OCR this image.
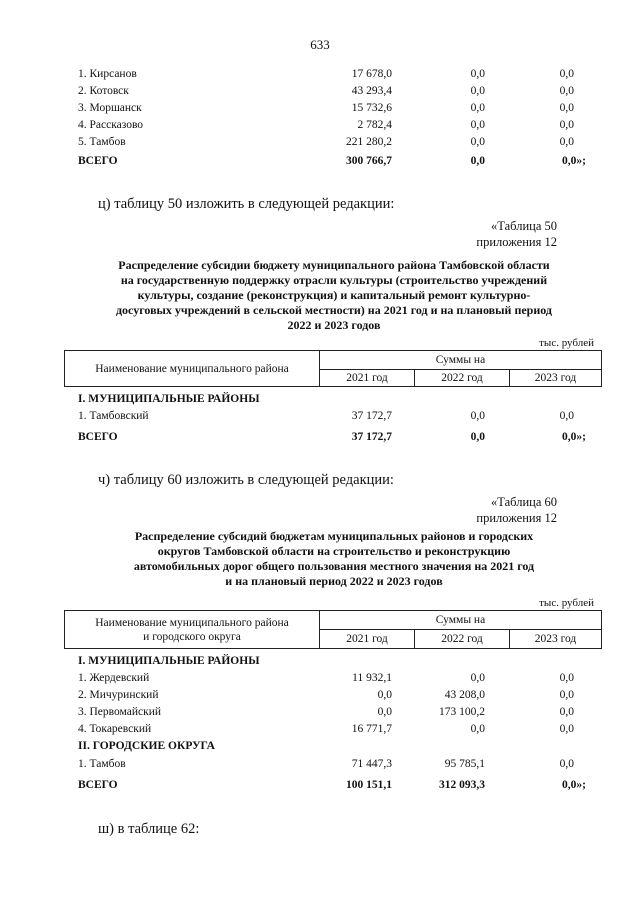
633
1. Кирсанов	17 678,0	0,0	0,0
2. Котовск	43 293,4	0,0	0,0
3. Моршанск	15 732,6	0,0	0,0
4. Рассказово	2 782,4	0,0	0,0
5. Тамбов	221 280,2	0,0	0,0
ВСЕГО	300 766,7	0,0	0,0»;
ц) таблицу 50 изложить в следующей редакции:
«Таблица 50
приложения 12
Распределение субсидии бюджету муниципального района Тамбовской области
на государственную поддержку отрасли культуры (строительство учреждений
культуры, создание (реконструкция) и капитальный ремонт культурно-
досуговых учреждений в сельской местности) на 2021 год и на плановый период
2022 и 2023 годов
тыс. рублей
Наименование муниципального района	Суммы на		
	2021 год	2022 год	2023 год
I. МУНИЦИПАЛЬНЫЕ РАЙОНЫ
1. Тамбовский	37 172,7	0,0	0,0
ВСЕГО	37 172,7	0,0	0,0»;
ч) таблицу 60 изложить в следующей редакции:
«Таблица 60
приложения 12
Распределение субсидий бюджетам муниципальных районов и городских
округов Тамбовской области на строительство и реконструкцию
автомобильных дорог общего пользования местного значения на 2021 год
и на плановый период 2022 и 2023 годов
тыс. рублей
Наименование муниципального района
и городского округа	Суммы на		
	2021 год	2022 год	2023 год
I. МУНИЦИПАЛЬНЫЕ РАЙОНЫ
1. Жердевский	11 932,1	0,0	0,0
2. Мичуринский	0,0	43 208,0	0,0
3. Первомайский	0,0	173 100,2	0,0
4. Токаревский	16 771,7	0,0	0,0
II. ГОРОДСКИЕ ОКРУГА
1. Тамбов	71 447,3	95 785,1	0,0
ВСЕГО	100 151,1	312 093,3	0,0»;
ш) в таблице 62:
